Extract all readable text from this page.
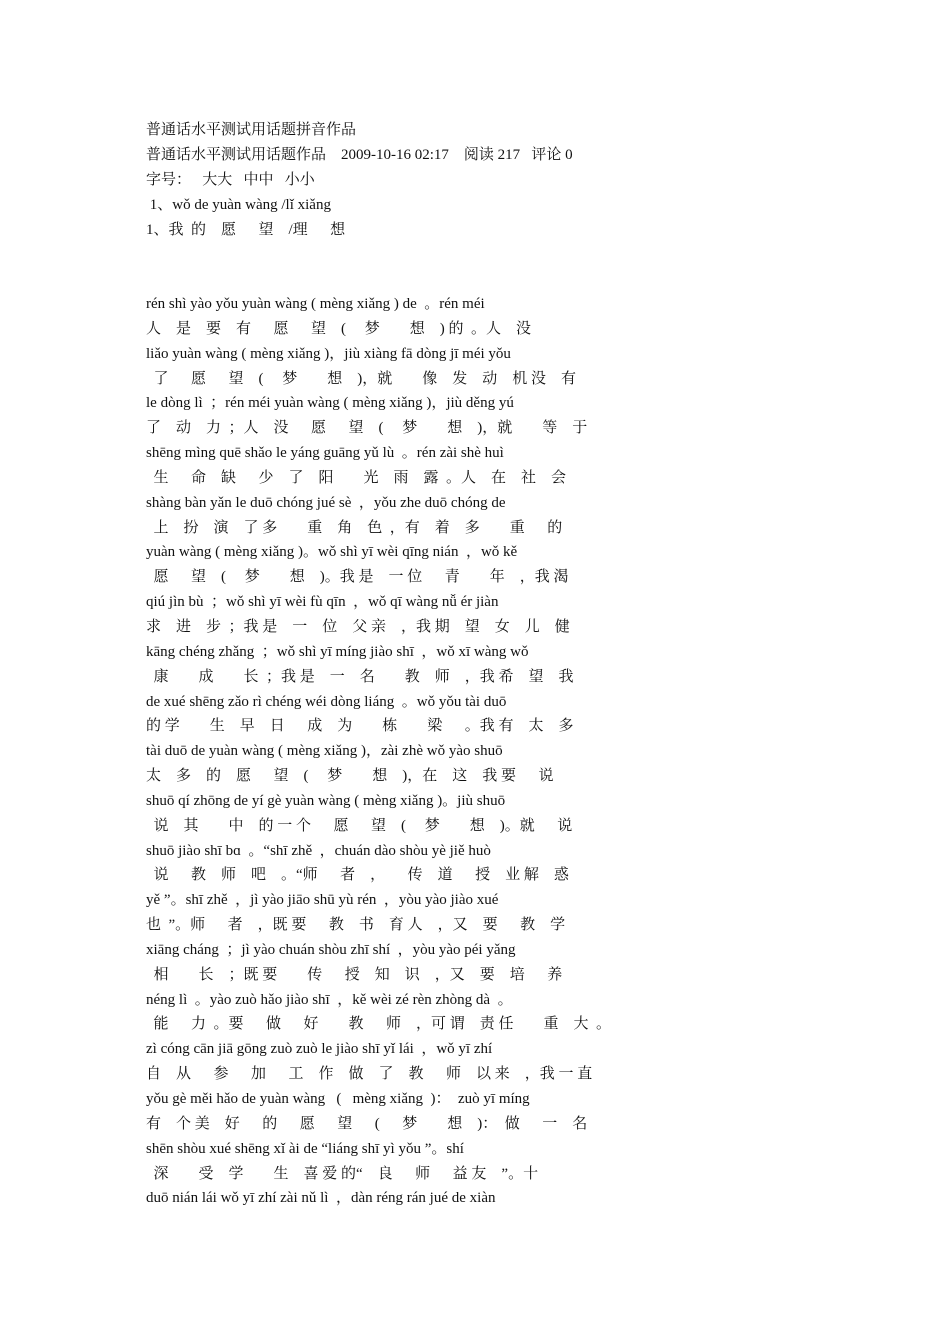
普通话水平测试用话题拼音作品
普通话水平测试用话题作品    2009-10-16 02:17    阅读 217   评论 0
字号：   大大   中中   小小
1、wǒ de yuàn wàng /lǐ xiǎng
1、我  的    愿      望    /理      想
rén shì yào yǒu yuàn wàng ( mèng xiǎng ) de  。rén méi
人    是    要    有      愿      望    (     梦        想    ) 的  。人    没
liǎo yuàn wàng ( mèng xiǎng )，jiù xiàng fā dòng jī méi yǒu
了      愿      望    (     梦        想    )，就        像    发    动    机 没    有
le dòng lì  ；rén méi yuàn wàng ( mèng xiǎng )，jiù děng yú
了    动    力  ；人    没      愿      望    (     梦        想    )，就        等    于
shēng mìng quē shǎo le yáng guāng yǔ lù  。rén zài shè huì
生      命    缺      少    了    阳        光    雨    露  。人    在    社    会
shàng bàn yǎn le duō chóng jué sè  ，yǒu zhe duō chóng de
上    扮    演    了 多        重    角    色  ，有    着    多        重      的
yuàn wàng ( mèng xiǎng )。wǒ shì yī wèi qīng nián  ，wǒ kě
愿      望    (     梦        想    )。我 是    一 位      青        年    ，我 渴
qiú jìn bù  ；wǒ shì yī wèi fù qīn  ，wǒ qī wàng nǚ ér jiàn
求    进    步  ；我 是    一    位    父 亲    ，我 期    望    女    儿    健
kāng chéng zhǎng  ；wǒ shì yī míng jiào shī  ，wǒ xī wàng wǒ
康        成        长  ；我 是    一    名        教    师    ，我 希    望    我
de xué shēng zǎo rì chéng wéi dòng liáng  。wǒ yǒu tài duō
的 学        生    早    日      成    为        栋        梁      。我 有    太    多
tài duō de yuàn wàng ( mèng xiǎng )，zài zhè wǒ yào shuō
太    多    的    愿      望    (     梦        想    )，在    这    我 要      说
shuō qí zhōng de yí gè yuàn wàng ( mèng xiǎng )。jiù shuō
说    其        中    的 一 个      愿      望    (     梦        想    )。就      说
shuō jiào shī bɑ  。“shī zhě  ，chuán dào shòu yè jiě huò
说      教    师    吧    。“师      者    ，      传    道      授    业 解    惑
yě ”。shī zhě  ，jì yào jiāo shū yù rén  ，yòu yào jiào xué
也  ”。师      者    ，既 要      教    书    育 人    ，又    要      教    学
xiāng cháng  ；jì yào chuán shòu zhī shí  ，yòu yào péi yǎng
相        长    ；既 要        传      授    知    识    ，又    要    培      养
néng lì  。yào zuò hǎo jiào shī  ，kě wèi zé rèn zhòng dà  。
能      力  。要      做      好        教      师    ，可 谓    责 任        重    大  。
zì cóng cān jiā gōng zuò zuò le jiào shī yǐ lái  ，wǒ yī zhí
自    从      参      加      工    作    做    了    教      师    以 来    ，我 一 直
yǒu gè měi hǎo de yuàn wàng   (   mèng xiǎng  )：  zuò yī míng
有    个 美    好      的      愿      望      (      梦        想    )：  做      一    名
shēn shòu xué shēng xǐ ài de “liáng shī yì yǒu ”。shí
深        受    学        生    喜 爱 的“    良      师      益 友    ”。十
duō nián lái wǒ yī zhí zài nǔ lì  ，dàn réng rán jué de xiàn
